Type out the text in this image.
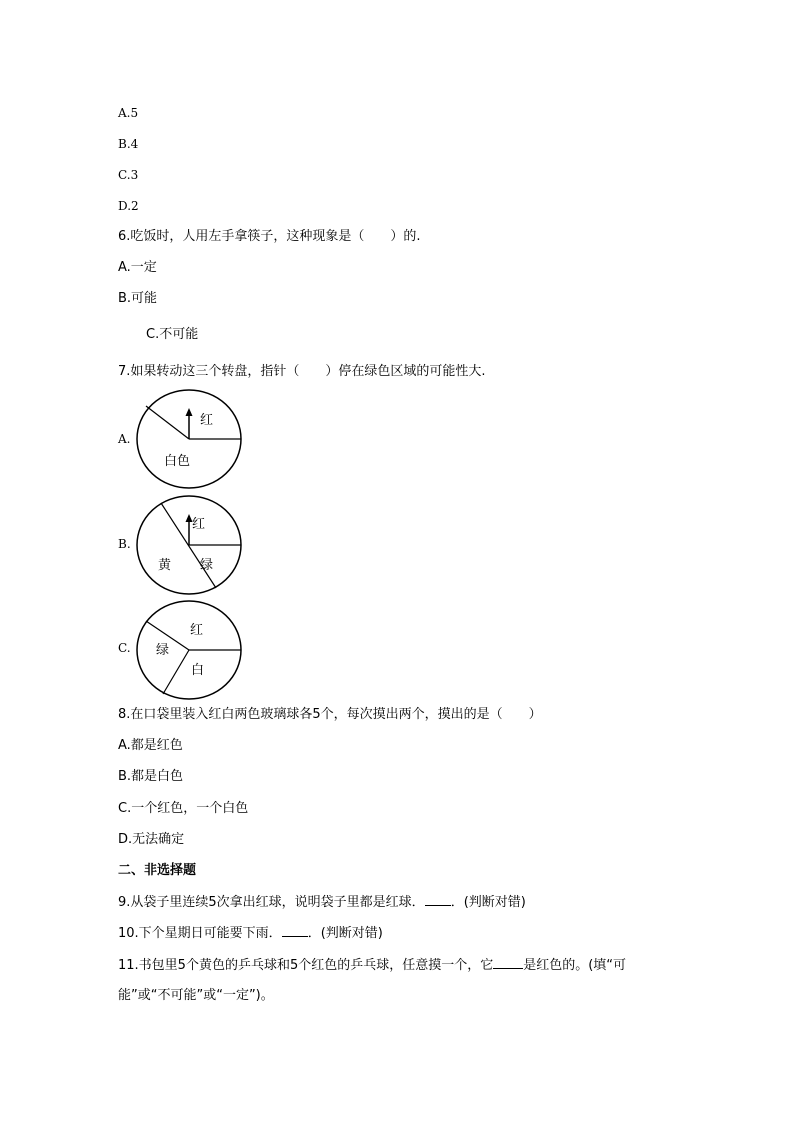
A.5
B.4
C.3
D.2
6.吃饭时，人用左手拿筷子，这种现象是（　　）的.
A.一定
B.可能
C.不可能
7.如果转动这三个转盘，指针（　　）停在绿色区域的可能性大.
A.
红
白色
B.
红
黄 绿
C.
红
绿
白
8.在口袋里装入红白两色玻璃球各5个，每次摸出两个，摸出的是（　　）
A.都是红色
B.都是白色
C.一个红色，一个白色
D.无法确定
二、非选择题
9.从袋子里连续5次拿出红球，说明袋子里都是红球． ．(判断对错)
10.下个星期日可能要下雨． ．(判断对错)
11.书包里5个黄色的乒乓球和5个红色的乒乓球，任意摸一个，它 是红色的。(填“可
能”或“不可能”或“一定”)。
